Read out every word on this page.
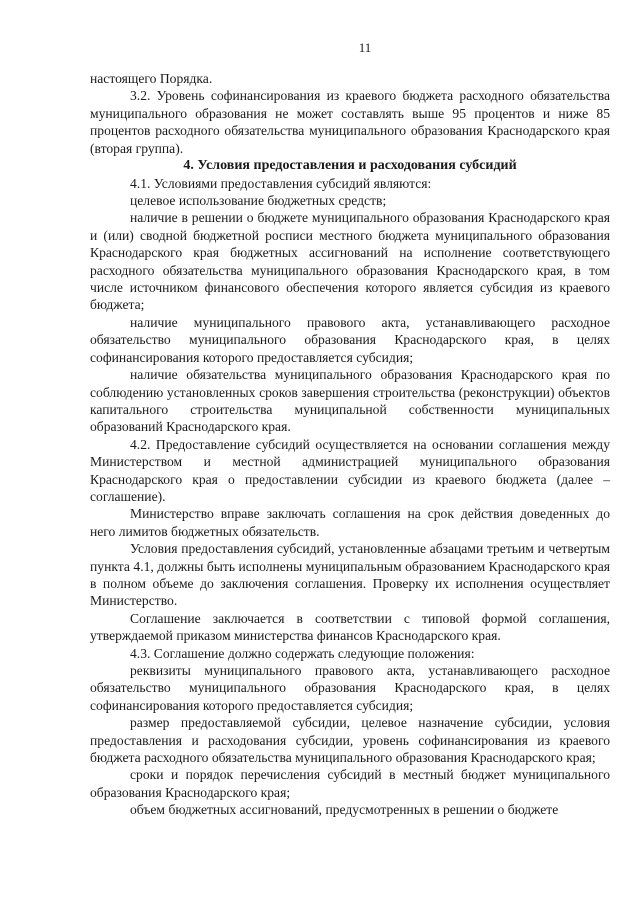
11

настоящего Порядка.

3.2. Уровень софинансирования из краевого бюджета расходного обязательства муниципального образования не может составлять выше 95 процентов и ниже 85 процентов расходного обязательства муниципального образования Краснодарского края (вторая группа).

4. Условия предоставления и расходования субсидий

4.1. Условиями предоставления субсидий являются:

целевое использование бюджетных средств;

наличие в решении о бюджете муниципального образования Краснодарского края и (или) сводной бюджетной росписи местного бюджета муниципального образования Краснодарского края бюджетных ассигнований на исполнение соответствующего расходного обязательства муниципального образования Краснодарского края, в том числе источником финансового обеспечения которого является субсидия из краевого бюджета;

наличие муниципального правового акта, устанавливающего расходное обязательство муниципального образования Краснодарского края, в целях софинансирования которого предоставляется субсидия;

наличие обязательства муниципального образования Краснодарского края по соблюдению установленных сроков завершения строительства (реконструкции) объектов капитального строительства муниципальной собственности муниципальных образований Краснодарского края.

4.2. Предоставление субсидий осуществляется на основании соглашения между Министерством и местной администрацией муниципального образования Краснодарского края о предоставлении субсидии из краевого бюджета (далее – соглашение).

Министерство вправе заключать соглашения на срок действия доведенных до него лимитов бюджетных обязательств.

Условия предоставления субсидий, установленные абзацами третьим и четвертым пункта 4.1, должны быть исполнены муниципальным образованием Краснодарского края в полном объеме до заключения соглашения. Проверку их исполнения осуществляет Министерство.

Соглашение заключается в соответствии с типовой формой соглашения, утверждаемой приказом министерства финансов Краснодарского края.

4.3. Соглашение должно содержать следующие положения:

реквизиты муниципального правового акта, устанавливающего расходное обязательство муниципального образования Краснодарского края, в целях софинансирования которого предоставляется субсидия;

размер предоставляемой субсидии, целевое назначение субсидии, условия предоставления и расходования субсидии, уровень софинансирования из краевого бюджета расходного обязательства муниципального образования Краснодарского края;

сроки и порядок перечисления субсидий в местный бюджет муниципального образования Краснодарского края;

объем бюджетных ассигнований, предусмотренных в решении о бюджете
